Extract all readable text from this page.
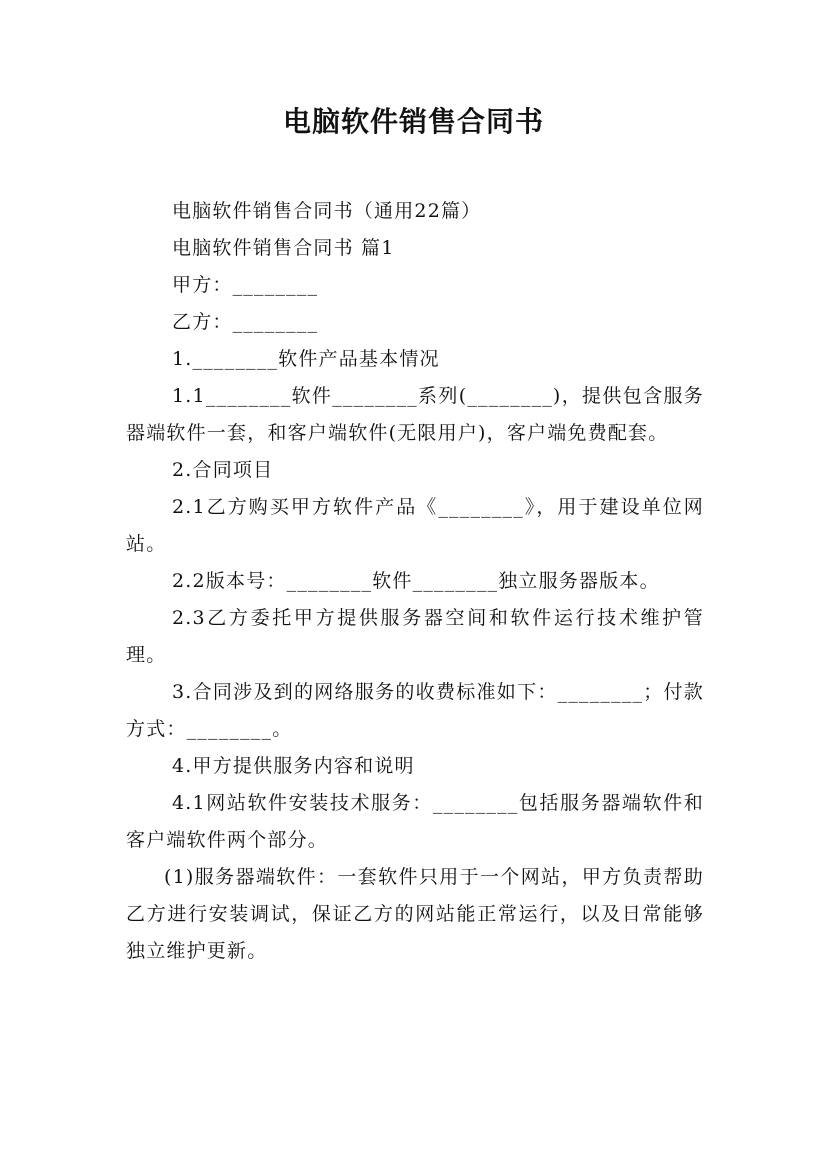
电脑软件销售合同书

电脑软件销售合同书（通用22篇）

电脑软件销售合同书 篇1

甲方：________

乙方：________

1.________软件产品基本情况

1.1________软件________系列(________)，提供包含服务器端软件一套，和客户端软件(无限用户)，客户端免费配套。

2.合同项目

2.1乙方购买甲方软件产品《________》，用于建设单位网站。

2.2版本号：________软件________独立服务器版本。

2.3乙方委托甲方提供服务器空间和软件运行技术维护管理。

3.合同涉及到的网络服务的收费标准如下：________；付款方式：________。

4.甲方提供服务内容和说明

4.1网站软件安装技术服务：________包括服务器端软件和客户端软件两个部分。

(1)服务器端软件：一套软件只用于一个网站，甲方负责帮助乙方进行安装调试，保证乙方的网站能正常运行，以及日常能够独立维护更新。
